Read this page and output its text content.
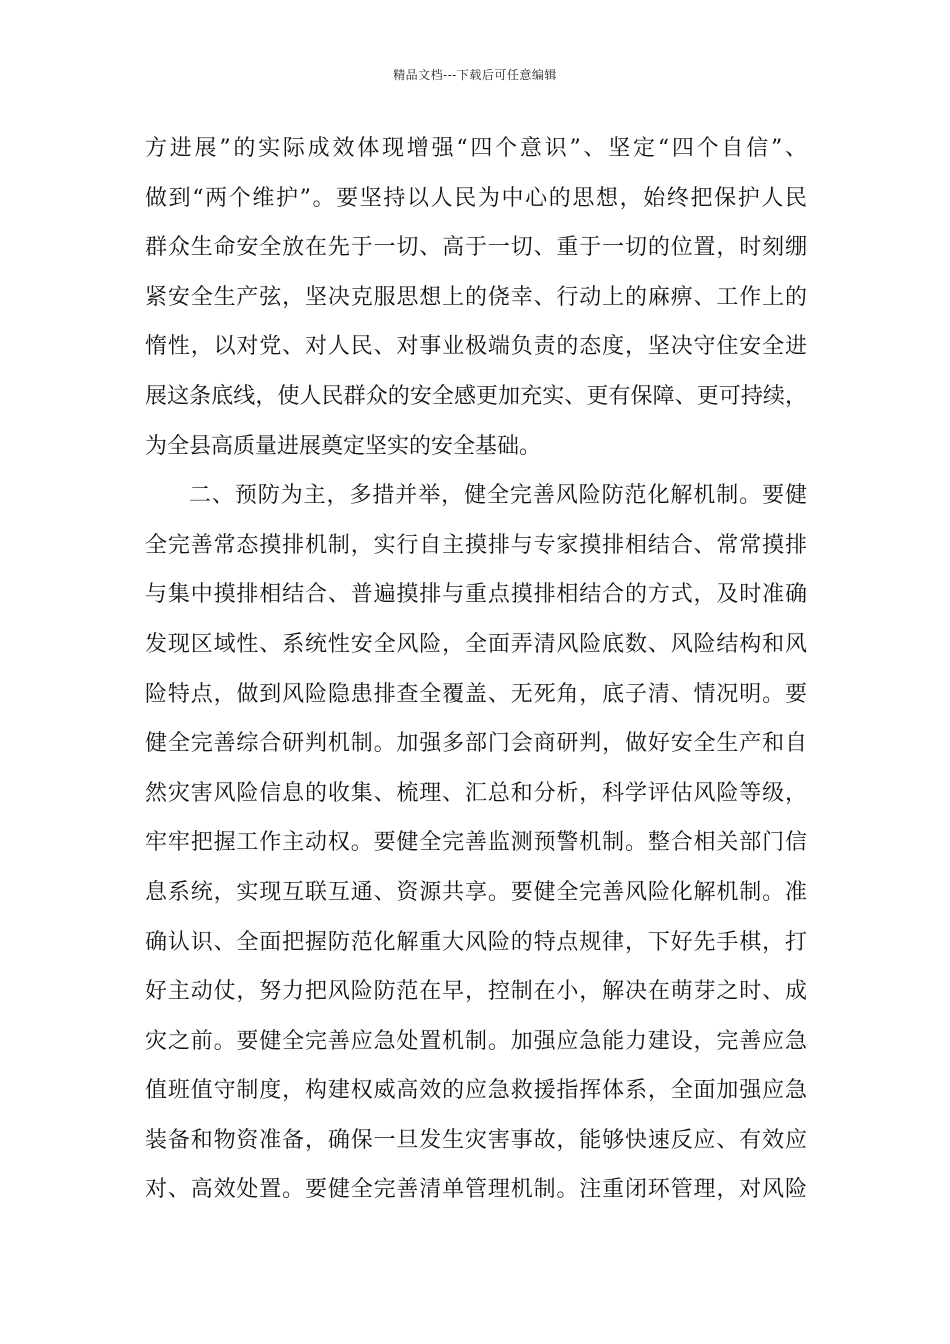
精品文档---下载后可任意编辑
方进展”的实际成效体现增强“四个意识”、坚定“四个自信”、
做到“两个维护”。要坚持以人民为中心的思想，始终把保护人民
群众生命安全放在先于一切、高于一切、重于一切的位置，时刻绷
紧安全生产弦，坚决克服思想上的侥幸、行动上的麻痹、工作上的
惰性，以对党、对人民、对事业极端负责的态度，坚决守住安全进
展这条底线，使人民群众的安全感更加充实、更有保障、更可持续，
为全县高质量进展奠定坚实的安全基础。
二、预防为主，多措并举，健全完善风险防范化解机制。要健
全完善常态摸排机制，实行自主摸排与专家摸排相结合、常常摸排
与集中摸排相结合、普遍摸排与重点摸排相结合的方式，及时准确
发现区域性、系统性安全风险，全面弄清风险底数、风险结构和风
险特点，做到风险隐患排查全覆盖、无死角，底子清、情况明。要
健全完善综合研判机制。加强多部门会商研判，做好安全生产和自
然灾害风险信息的收集、梳理、汇总和分析，科学评估风险等级，
牢牢把握工作主动权。要健全完善监测预警机制。整合相关部门信
息系统，实现互联互通、资源共享。要健全完善风险化解机制。准
确认识、全面把握防范化解重大风险的特点规律，下好先手棋，打
好主动仗，努力把风险防范在早，控制在小，解决在萌芽之时、成
灾之前。要健全完善应急处置机制。加强应急能力建设，完善应急
值班值守制度，构建权威高效的应急救援指挥体系，全面加强应急
装备和物资准备，确保一旦发生灾害事故，能够快速反应、有效应
对、高效处置。要健全完善清单管理机制。注重闭环管理，对风险
